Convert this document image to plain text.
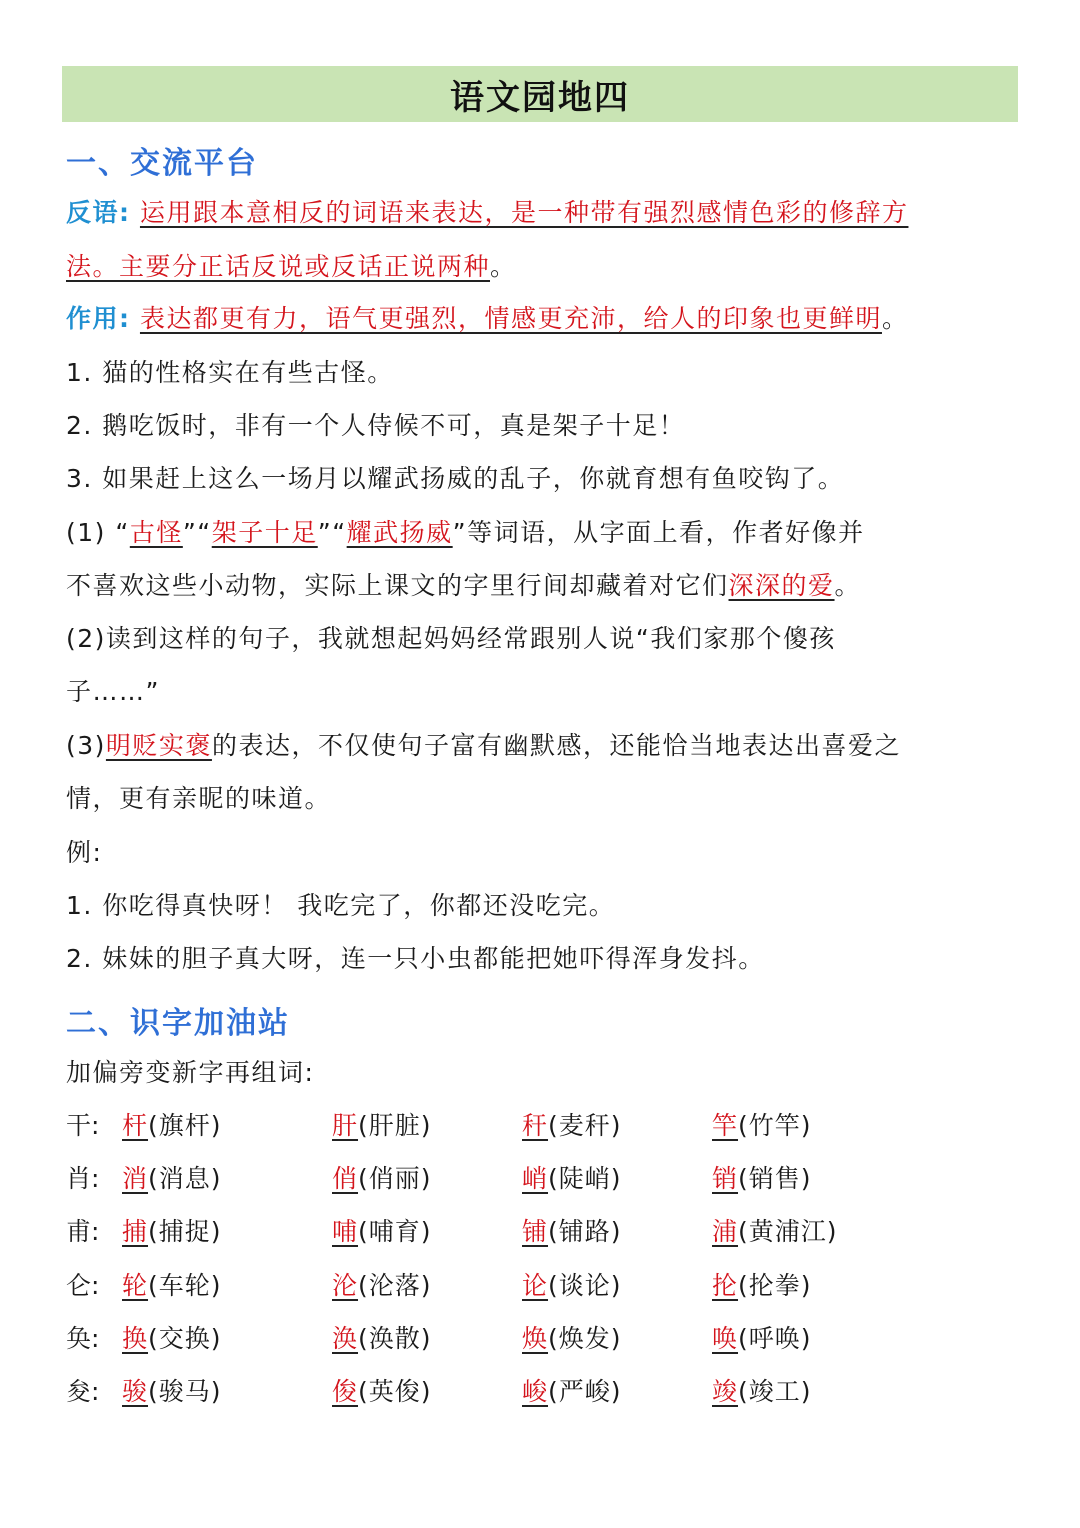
语文园地四
一、交流平台
反语: 运用跟本意相反的词语来表达，是一种带有强烈感情色彩的修辞方
法。主要分正话反说或反话正说两种。
作用: 表达都更有力，语气更强烈，情感更充沛，给人的印象也更鲜明。
1. 猫的性格实在有些古怪。
2. 鹅吃饭时，非有一个人侍候不可，真是架子十足！
3. 如果赶上这么一场月以耀武扬威的乱子，你就育想有鱼咬钩了。
(1) “古怪”“架子十足”“耀武扬威”等词语，从字面上看，作者好像并
不喜欢这些小动物，实际上课文的字里行间却藏着对它们深深的爱。
(2)读到这样的句子，我就想起妈妈经常跟别人说“我们家那个傻孩
子……”
(3)明贬实褒的表达，不仅使句子富有幽默感，还能恰当地表达出喜爱之
情，更有亲昵的味道。
例:
1. 你吃得真快呀！ 我吃完了，你都还没吃完。
2. 妹妹的胆子真大呀，连一只小虫都能把她吓得浑身发抖。
二、识字加油站
加偏旁变新字再组词:
干: 杆(旗杆)	肝(肝脏)	秆(麦秆)	竿(竹竿)
肖: 消(消息)	俏(俏丽)	峭(陡峭)	销(销售)
甫: 捕(捕捉)	哺(哺育)	铺(铺路)	浦(黄浦江)
仑: 轮(车轮)	沦(沦落)	论(谈论)	抡(抡拳)
奂: 换(交换)	涣(涣散)	焕(焕发)	唤(呼唤)
夋: 骏(骏马)	俊(英俊)	峻(严峻)	竣(竣工)
